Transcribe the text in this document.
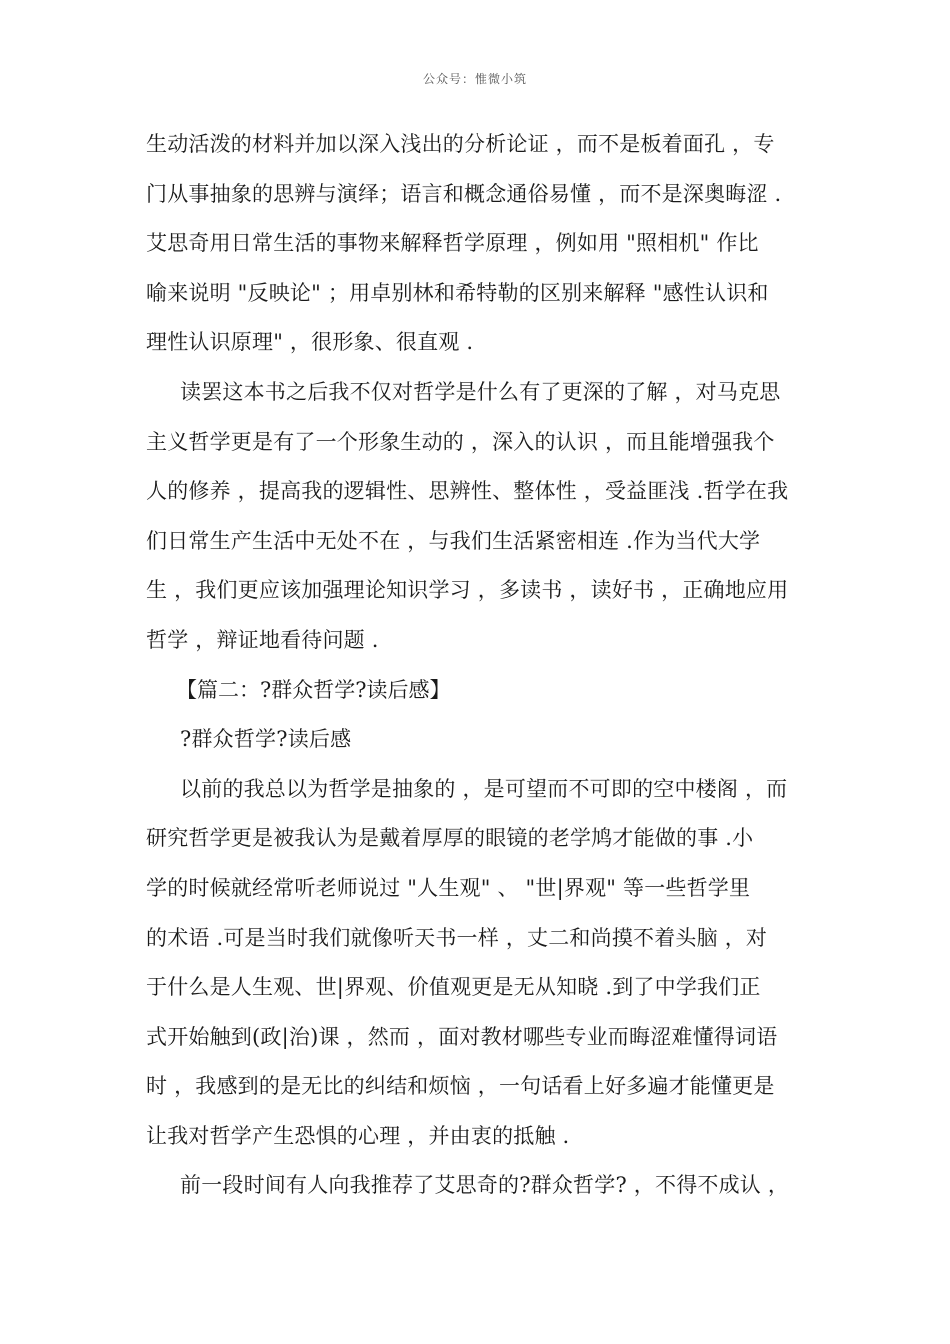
公众号：惟微小筑
生动活泼的材料并加以深入浅出的分析论证 ，而不是板着面孔 ，专
门从事抽象的思辨与演绎；语言和概念通俗易懂 ，而不是深奥晦涩 .
艾思奇用日常生活的事物来解释哲学原理 ，例如用 "照相机" 作比
喻来说明 "反映论" ；用卓别林和希特勒的区别来解释 "感性认识和
理性认识原理" ，很形象、很直观 .
读罢这本书之后我不仅对哲学是什么有了更深的了解 ，对马克思
主义哲学更是有了一个形象生动的 ，深入的认识 ，而且能增强我个
人的修养 ，提高我的逻辑性、思辨性、整体性 ，受益匪浅 .哲学在我
们日常生产生活中无处不在 ，与我们生活紧密相连 .作为当代大学
生 ，我们更应该加强理论知识学习 ，多读书 ，读好书 ，正确地应用
哲学 ，辩证地看待问题 .
【篇二：?群众哲学?读后感】
?群众哲学?读后感
以前的我总以为哲学是抽象的 ，是可望而不可即的空中楼阁 ，而
研究哲学更是被我认为是戴着厚厚的眼镜的老学鸠才能做的事 .小
学的时候就经常听老师说过 "人生观" 、 "世|界观" 等一些哲学里
的术语 .可是当时我们就像听天书一样 ，丈二和尚摸不着头脑 ，对
于什么是人生观、世|界观、价值观更是无从知晓 .到了中学我们正
式开始触到(政|治)课 ，然而 ，面对教材哪些专业而晦涩难懂得词语
时 ，我感到的是无比的纠结和烦恼 ，一句话看上好多遍才能懂更是
让我对哲学产生恐惧的心理 ，并由衷的抵触 .
前一段时间有人向我推荐了艾思奇的?群众哲学? ，不得不成认 ，
